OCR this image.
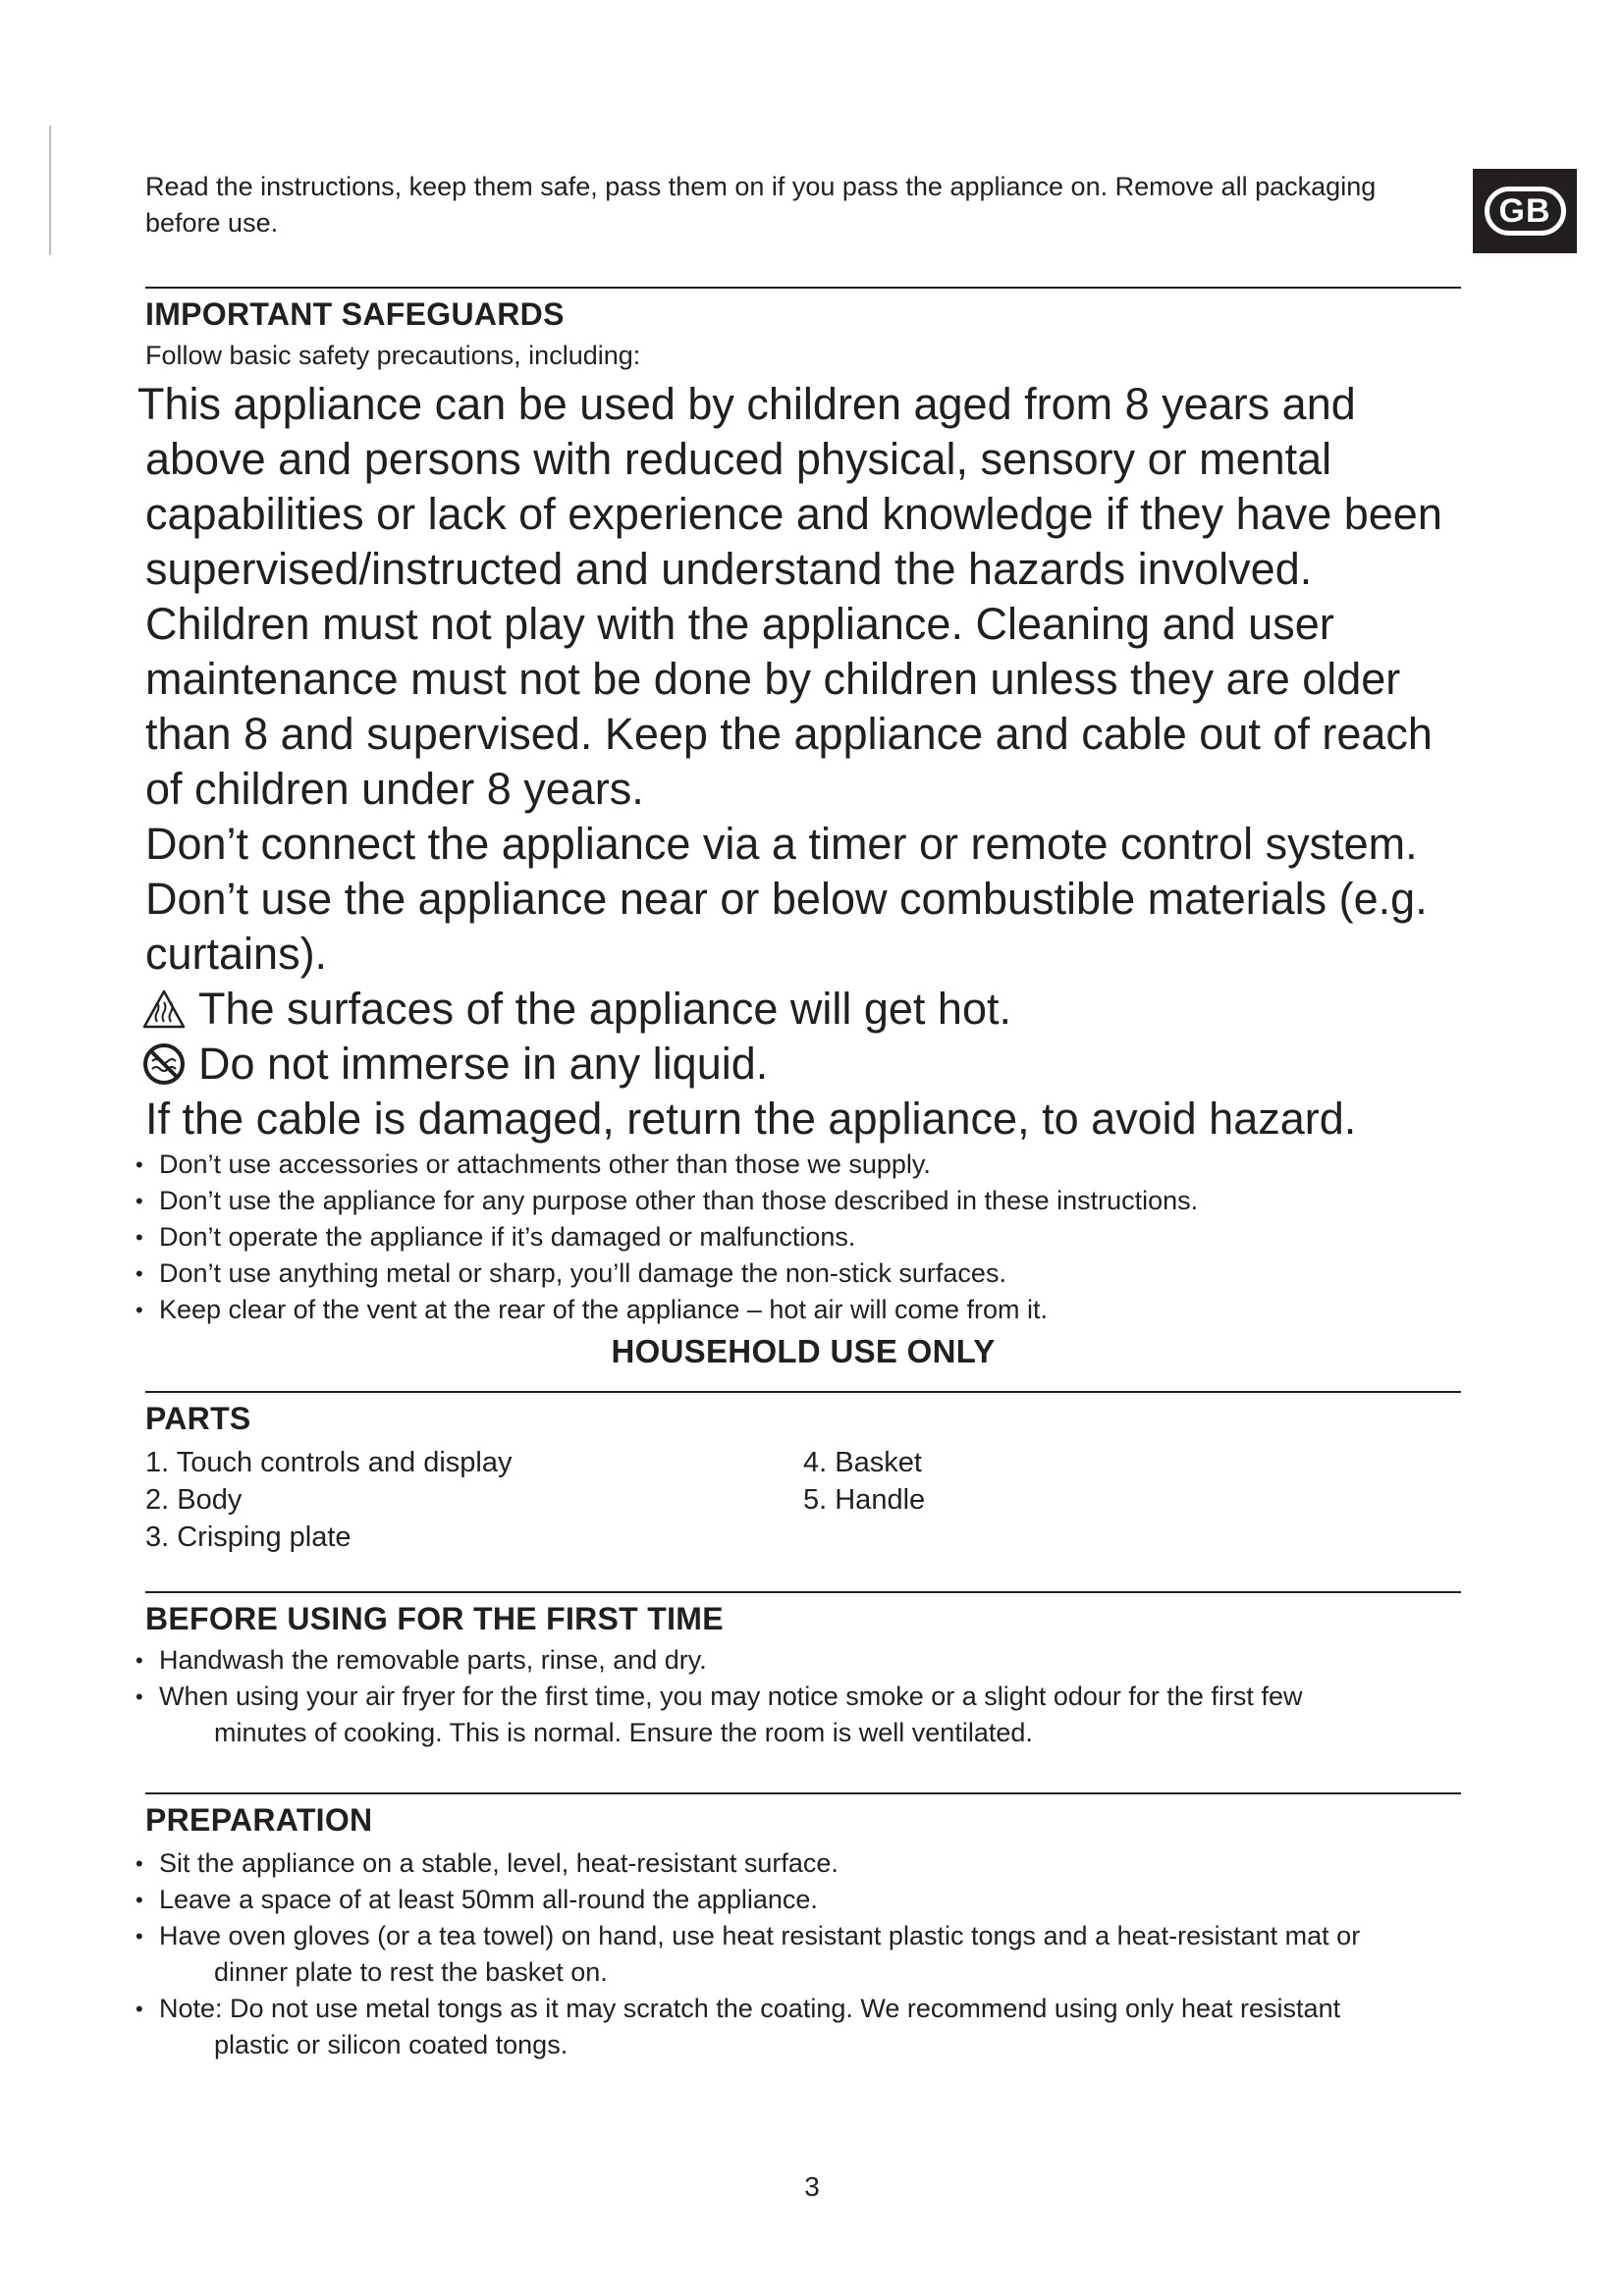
GB

Read the instructions, keep them safe, pass them on if you pass the appliance on. Remove all packaging
before use.

IMPORTANT SAFEGUARDS

Follow basic safety precautions, including:

This appliance can be used by children aged from 8 years and

above and persons with reduced physical, sensory or mental

capabilities or lack of experience and knowledge if they have been

supervised/instructed and understand the hazards involved.

Children must not play with the appliance. Cleaning and user

maintenance must not be done by children unless they are older

than 8 and supervised. Keep the appliance and cable out of reach

of children under 8 years.

Don’t connect the appliance via a timer or remote control system.

Don’t use the appliance near or below combustible materials (e.g.

curtains).

The surfaces of the appliance will get hot.
Do not immerse in any liquid.

If the cable is damaged, return the appliance, to avoid hazard.

• Don’t use accessories or attachments other than those we supply.
• Don’t use the appliance for any purpose other than those described in these instructions.
• Don’t operate the appliance if it’s damaged or malfunctions.
• Don’t use anything metal or sharp, you’ll damage the non-stick surfaces.
• Keep clear of the vent at the rear of the appliance – hot air will come from it.

HOUSEHOLD USE ONLY

PARTS
1. Touch controls and display
2. Body
3. Crisping plate
4. Basket
5. Handle
BEFORE USING FOR THE FIRST TIME
• Handwash the removable parts, rinse, and dry.
• When using your air fryer for the first time, you may notice smoke or a slight odour for the first few
minutes of cooking. This is normal. Ensure the room is well ventilated.
PREPARATION
• Sit the appliance on a stable, level, heat-resistant surface.
• Leave a space of at least 50mm all-round the appliance.
• Have oven gloves (or a tea towel) on hand, use heat resistant plastic tongs and a heat-resistant mat or
dinner plate to rest the basket on.
• Note: Do not use metal tongs as it may scratch the coating. We recommend using only heat resistant
plastic or silicon coated tongs.
3
